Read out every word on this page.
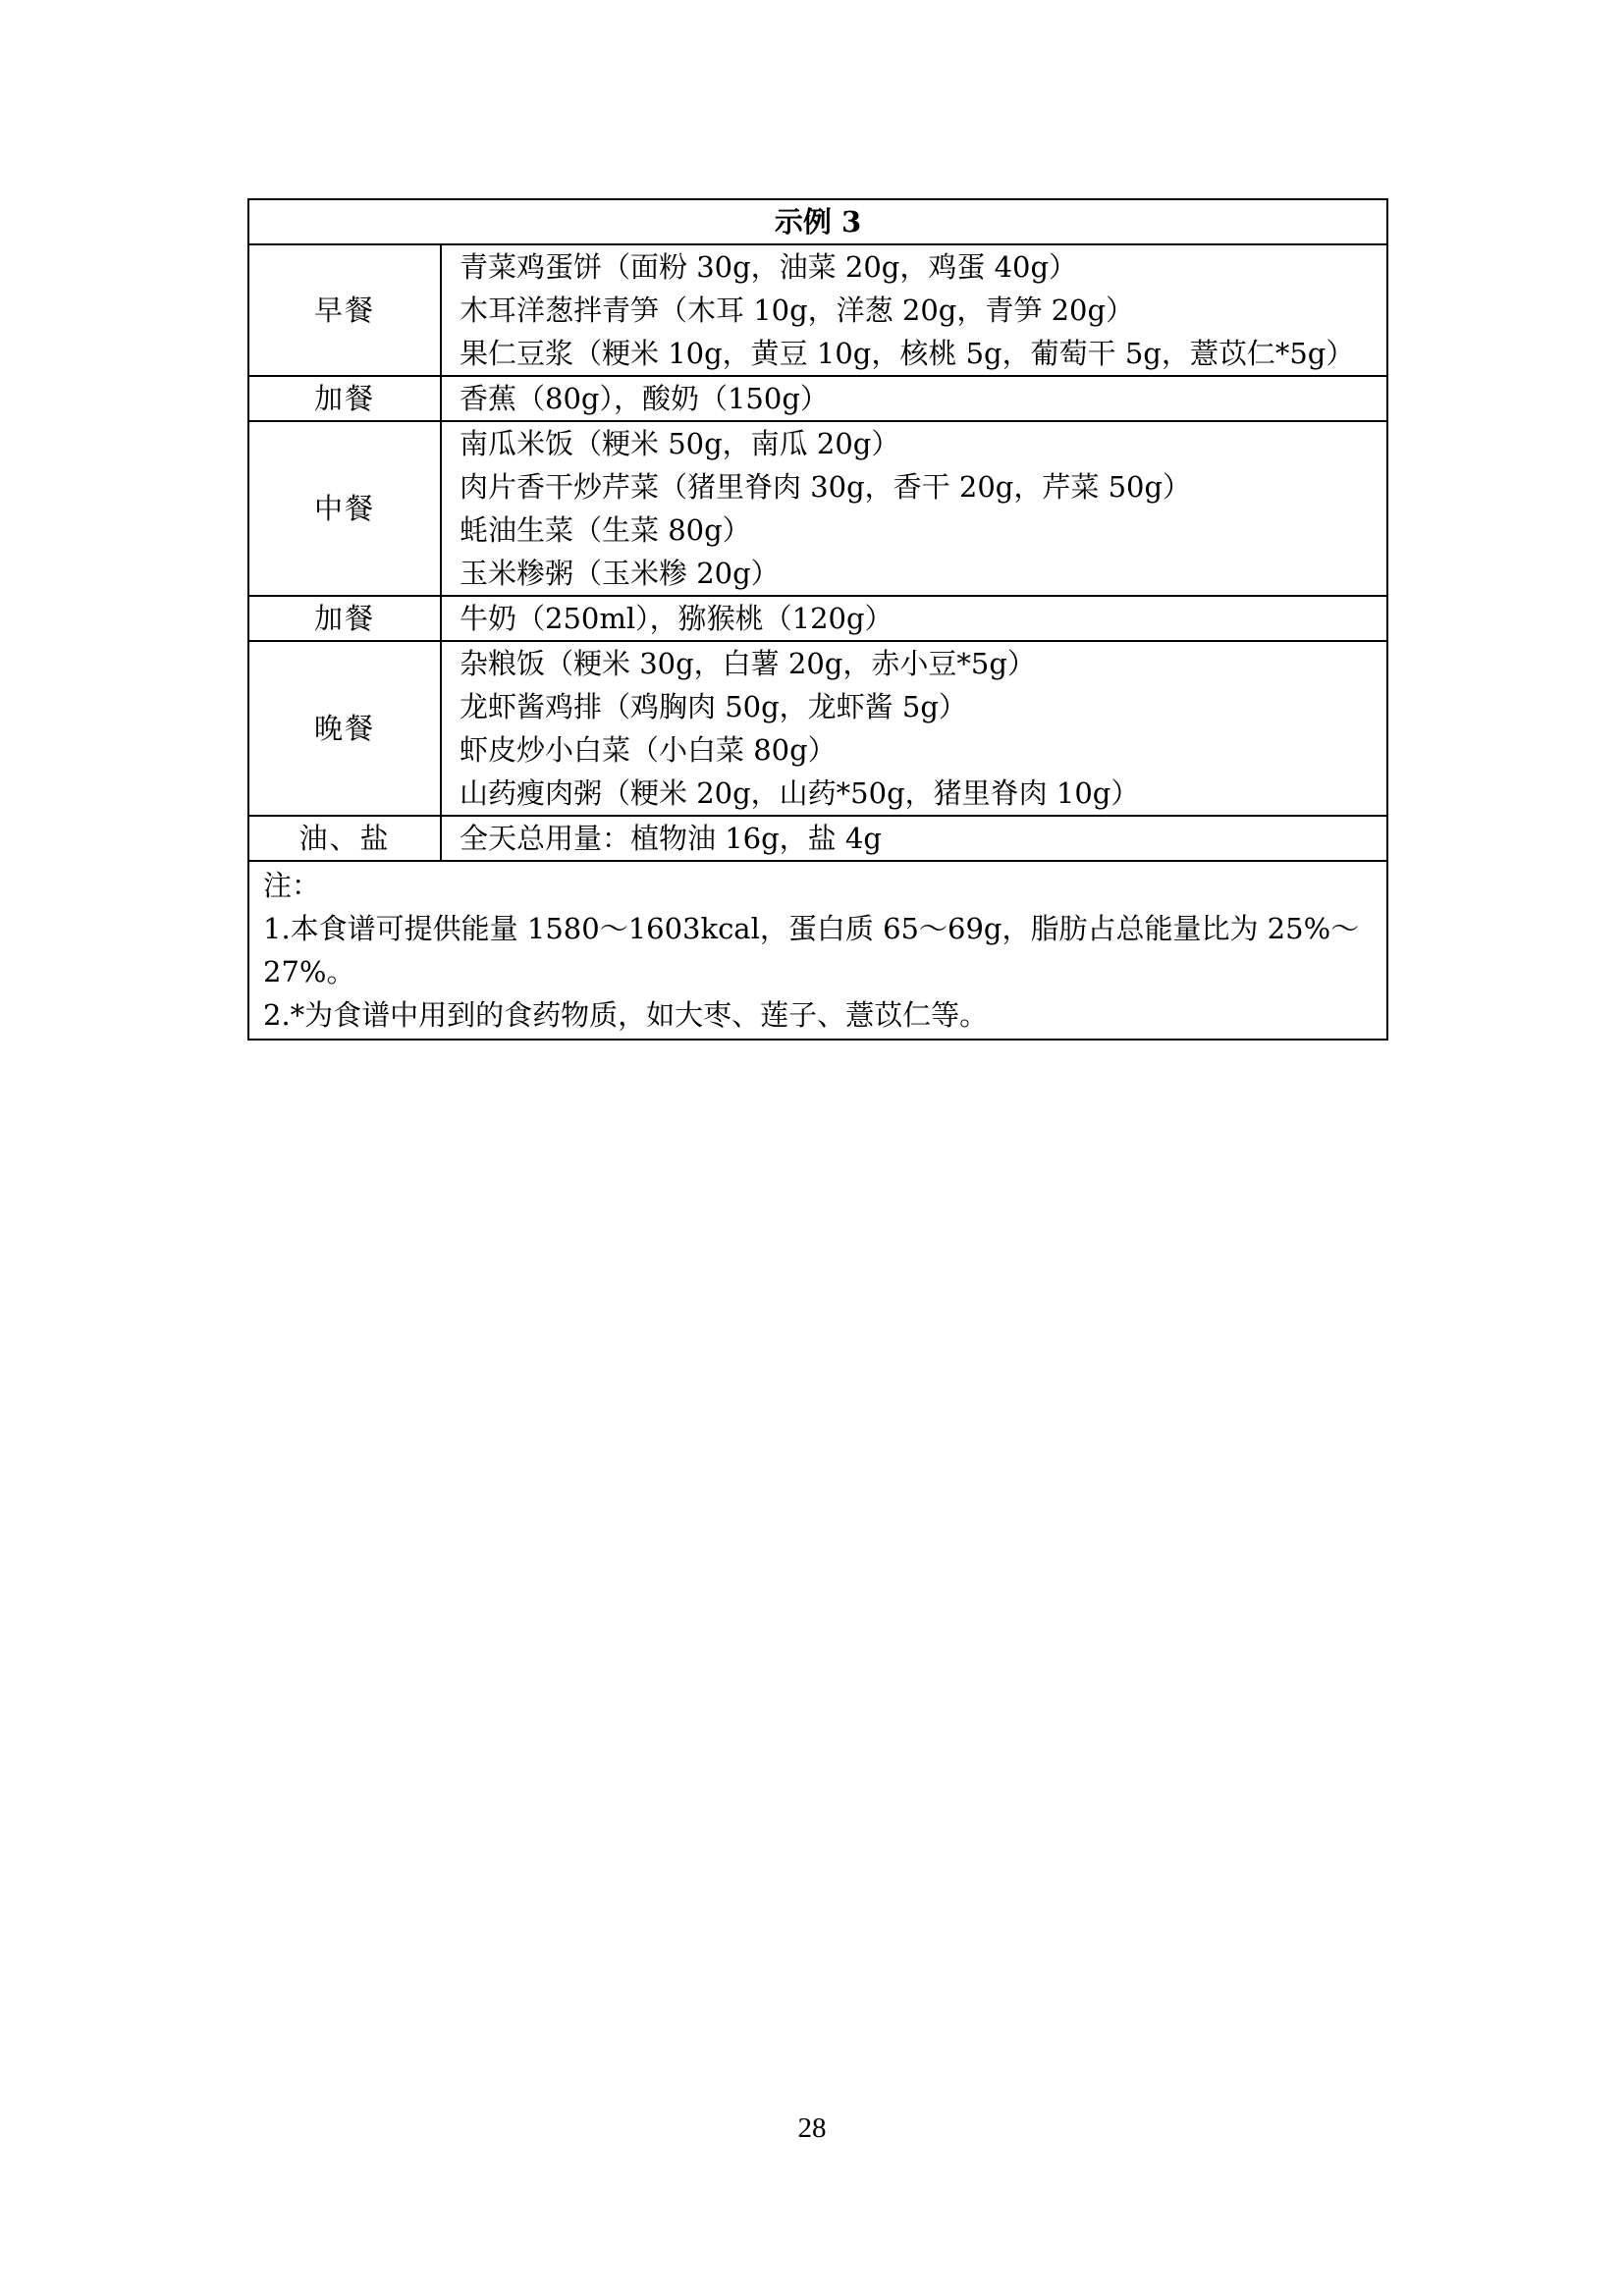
示例 3	
早餐	青菜鸡蛋饼（面粉 30g，油菜 20g，鸡蛋 40g）
木耳洋葱拌青笋（木耳 10g，洋葱 20g，青笋 20g）
果仁豆浆（粳米 10g，黄豆 10g，核桃 5g，葡萄干 5g，薏苡仁*5g）

加餐	香蕉（80g），酸奶（150g）

中餐	南瓜米饭（粳米 50g，南瓜 20g）
肉片香干炒芹菜（猪里脊肉 30g，香干 20g，芹菜 50g）
蚝油生菜（生菜 80g）
玉米糁粥（玉米糁 20g）

加餐	牛奶（250ml），猕猴桃（120g）

晚餐	杂粮饭（粳米 30g，白薯 20g，赤小豆*5g）
龙虾酱鸡排（鸡胸肉 50g，龙虾酱 5g）
虾皮炒小白菜（小白菜 80g）
山药瘦肉粥（粳米 20g，山药*50g，猪里脊肉 10g）

油、盐	全天总用量：植物油 16g，盐 4g

注：
1.本食谱可提供能量 1580～1603kcal，蛋白质 65～69g，脂肪占总能量比为 25%～27%。
2.*为食谱中用到的食药物质，如大枣、莲子、薏苡仁等。	
28
